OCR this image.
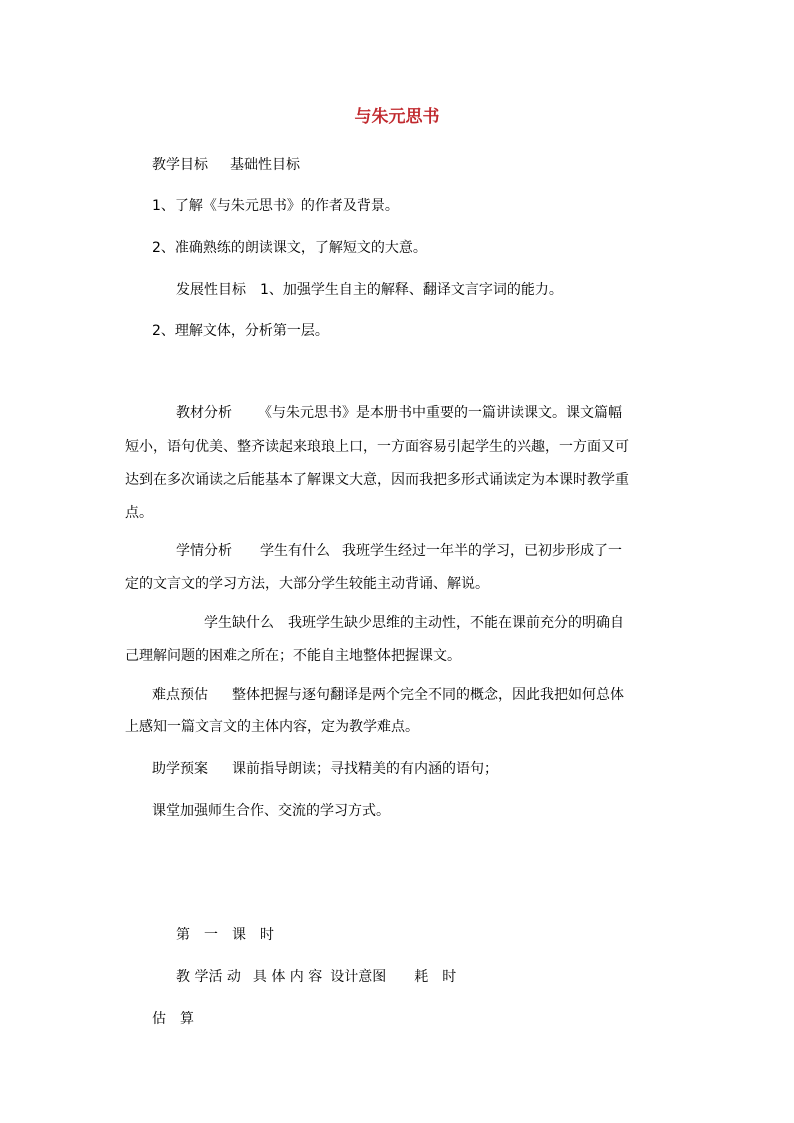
与朱元思书
教学目标 基础性目标
1、了解《与朱元思书》的作者及背景。
2、准确熟练的朗读课文，了解短文的大意。
发展性目标 1、加强学生自主的解释、翻译文言字词的能力。
2、理解文体，分析第一层。
教材分析 《与朱元思书》是本册书中重要的一篇讲读课文。课文篇幅
短小，语句优美、整齐读起来琅琅上口，一方面容易引起学生的兴趣，一方面又可
达到在多次诵读之后能基本了解课文大意，因而我把多形式诵读定为本课时教学重
点。
学情分析 学生有什么 我班学生经过一年半的学习，已初步形成了一
定的文言文的学习方法，大部分学生较能主动背诵、解说。
学生缺什么 我班学生缺少思维的主动性，不能在课前充分的明确自
己理解问题的困难之所在；不能自主地整体把握课文。
难点预估 整体把握与逐句翻译是两个完全不同的概念，因此我把如何总体
上感知一篇文言文的主体内容，定为教学难点。
助学预案 课前指导朗读；寻找精美的有内涵的语句；
课堂加强师生合作、交流的学习方式。
第　一　课　时
教 学活 动 具 体 内 容 设计意图 耗　时
估　算
